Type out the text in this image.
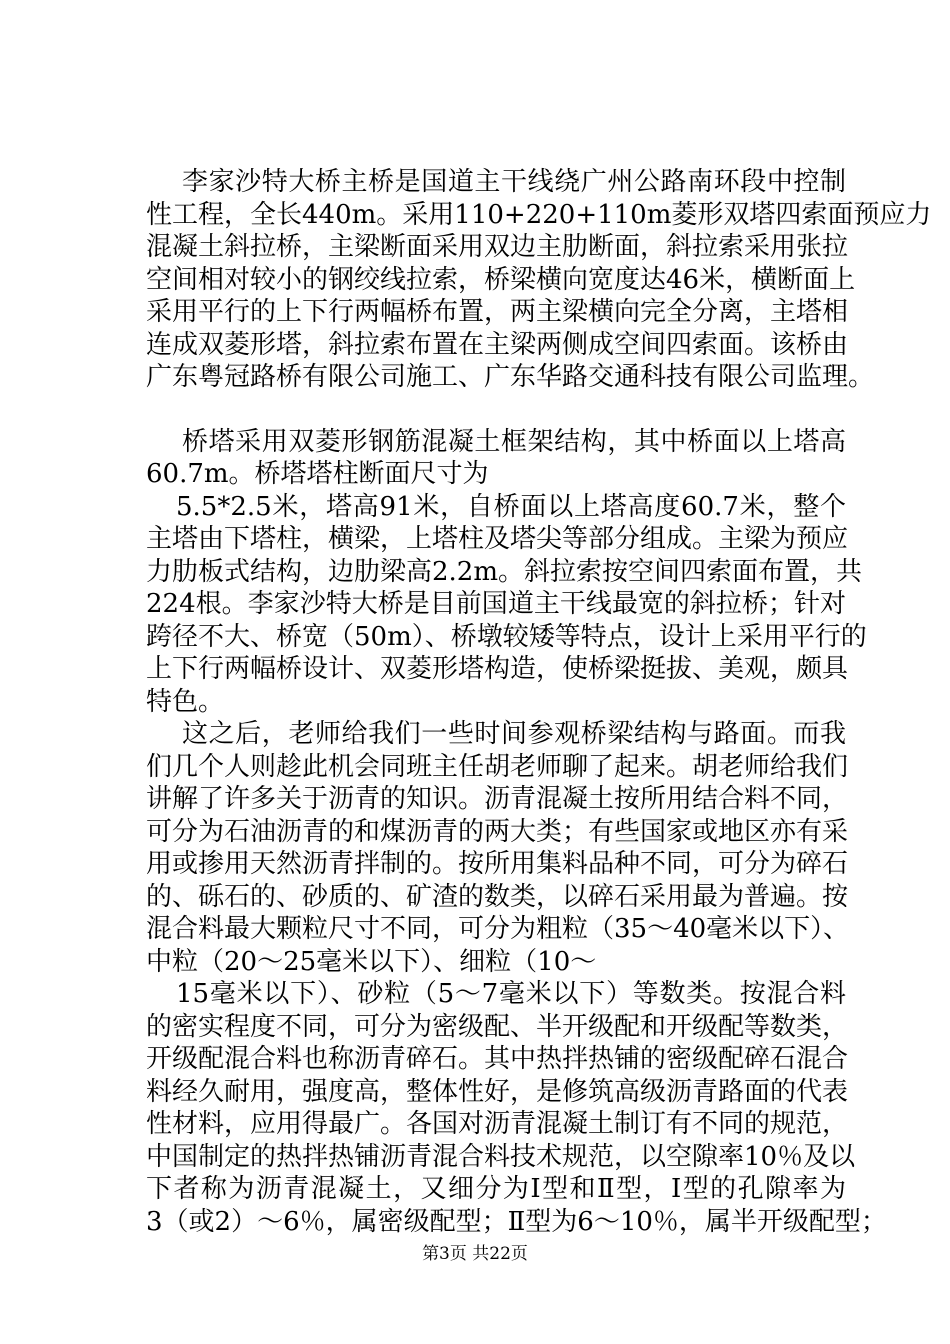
李家沙特大桥主桥是国道主干线绕广州公路南环段中控制
性工程，全长440m。采用110+220+110m菱形双塔四索面预应力
混凝土斜拉桥，主梁断面采用双边主肋断面，斜拉索采用张拉
空间相对较小的钢绞线拉索，桥梁横向宽度达46米，横断面上
采用平行的上下行两幅桥布置，两主梁横向完全分离，主塔相
连成双菱形塔，斜拉索布置在主梁两侧成空间四索面。该桥由
广东粤冠路桥有限公司施工、广东华路交通科技有限公司监理。
桥塔采用双菱形钢筋混凝土框架结构，其中桥面以上塔高
60.7m。桥塔塔柱断面尺寸为
5.5*2.5米，塔高91米，自桥面以上塔高度60.7米，整个
主塔由下塔柱，横梁，上塔柱及塔尖等部分组成。主梁为预应
力肋板式结构，边肋梁高2.2m。斜拉索按空间四索面布置，共
224根。李家沙特大桥是目前国道主干线最宽的斜拉桥；针对
跨径不大、桥宽（50m）、桥墩较矮等特点，设计上采用平行的
上下行两幅桥设计、双菱形塔构造，使桥梁挺拔、美观，颇具
特色。
这之后，老师给我们一些时间参观桥梁结构与路面。而我
们几个人则趁此机会同班主任胡老师聊了起来。胡老师给我们
讲解了许多关于沥青的知识。沥青混凝土按所用结合料不同，
可分为石油沥青的和煤沥青的两大类；有些国家或地区亦有采
用或掺用天然沥青拌制的。按所用集料品种不同，可分为碎石
的、砾石的、砂质的、矿渣的数类，以碎石采用最为普遍。按
混合料最大颗粒尺寸不同，可分为粗粒（35～40毫米以下）、
中粒（20～25毫米以下）、细粒（10～
15毫米以下）、砂粒（5～7毫米以下）等数类。按混合料
的密实程度不同，可分为密级配、半开级配和开级配等数类，
开级配混合料也称沥青碎石。其中热拌热铺的密级配碎石混合
料经久耐用，强度高，整体性好，是修筑高级沥青路面的代表
性材料，应用得最广。各国对沥青混凝土制订有不同的规范，
中国制定的热拌热铺沥青混合料技术规范，以空隙率10％及以
下者称为沥青混凝土，又细分为Ⅰ型和Ⅱ型，Ⅰ型的孔隙率为
3（或2）～6％，属密级配型；Ⅱ型为6～10％，属半开级配型；
第3页 共22页
